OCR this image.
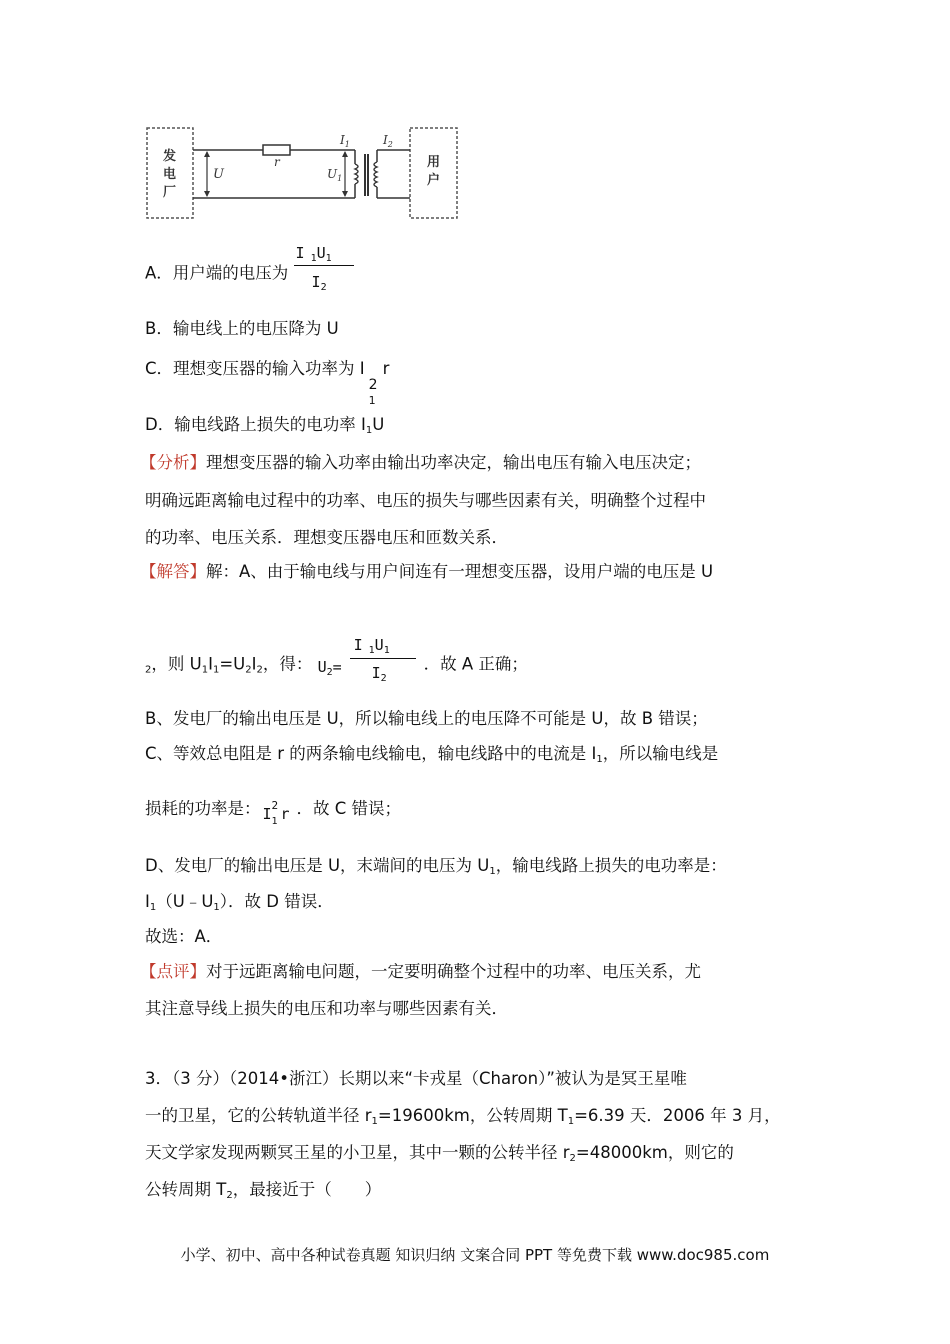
发
电
厂
用
户
U
r
$I_1$
$U_1$
$I_2$
A．用户端的电压为 $\frac{I _1U_1}{I_2}$
B．输电线上的电压降为 U
C．理想变压器的输入功率为 I
1
2
r
D．输电线路上损失的电功率 $I_1U$
【分析】理想变压器的输入功率由输出功率决定，输出电压有输入电压决定；
明确远距离输电过程中的功率、电压的损失与哪些因素有关，明确整个过程中
的功率、电压关系．理想变压器电压和匝数关系．
【解答】解：A、由于输电线与用户间连有一理想变压器，设用户端的电压是 U
$_2$，则 $U_1I_1=U_2I_2$，得： $U_2=$
I $_1U_1$
$I_2$
．故 A 正确；
B、发电厂的输出电压是 U，所以输电线上的电压降不可能是 U，故 B 错误；
C、等效总电阻是 r 的两条输电线输电，输电线路中的电流是 $I_1$，所以输电线是
损耗的功率是： I 2
1 r ．故 C 错误；
D、发电厂的输出电压是 U，末端间的电压为 $U_1$，输电线路上损失的电功率是：
$I_1(U﹣U_1)$．故 D 错误．
故选：A．
【点评】对于远距离输电问题，一定要明确整个过程中的功率、电压关系，尤
其注意导线上损失的电压和功率与哪些因素有关．
3．（3 分）（2014•浙江）长期以来“卡戎星（Charon）”被认为是冥王星唯
一的卫星，它的公转轨道半径 $r_1=19600km$，公转周期 $T_1=6.39$ 天．2006 年 3 月，
天文学家发现两颗冥王星的小卫星，其中一颗的公转半径 $r_2=48000km$，则它的
公转周期 $T_2$，最接近于（　　）
小学、初中、高中各种试卷真题 知识归纳 文案合同 PPT 等免费下载 www.doc985.com
